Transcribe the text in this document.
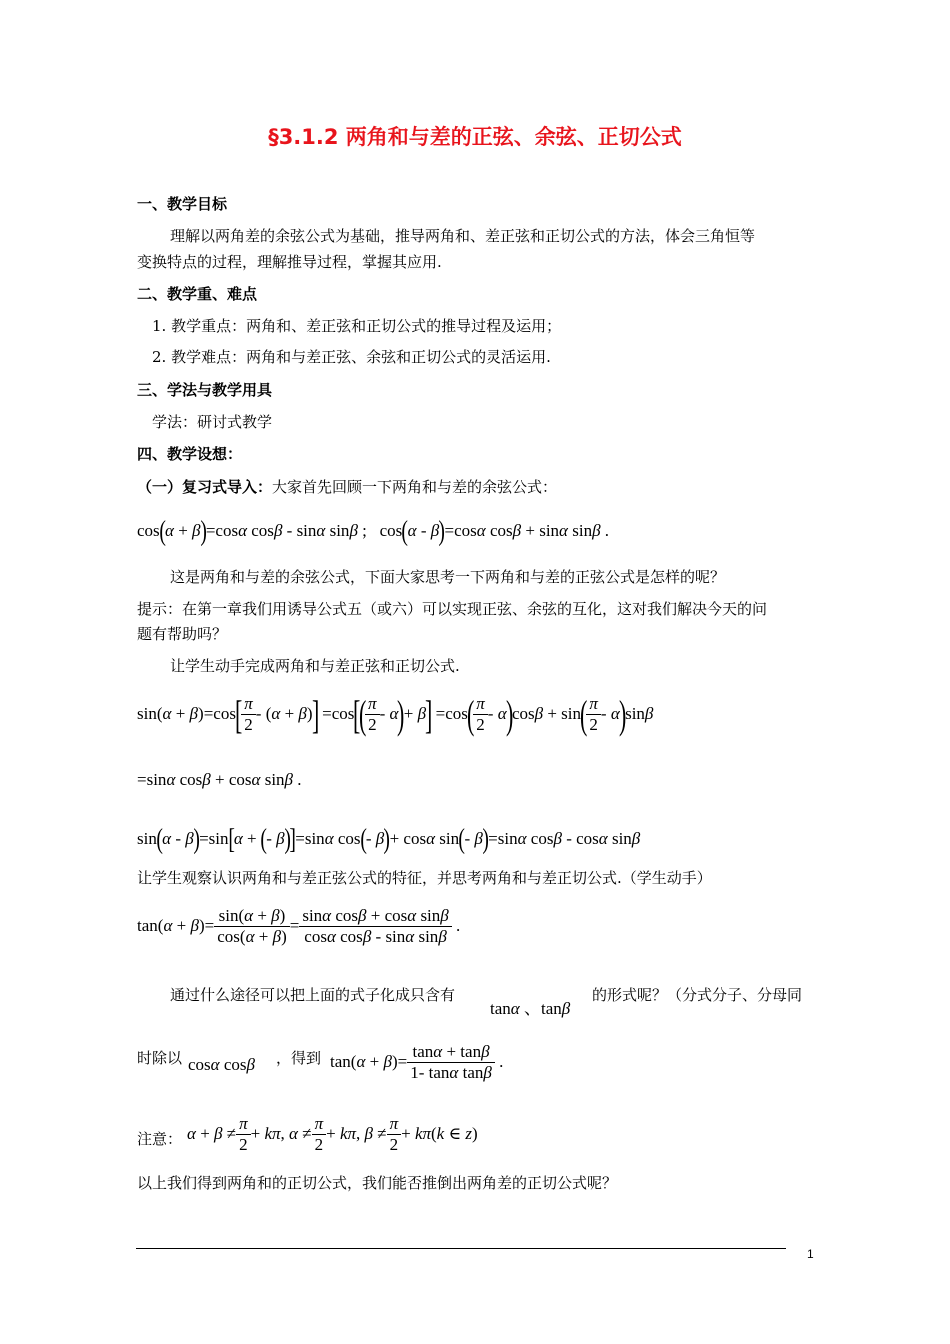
§3.1.2 两角和与差的正弦、余弦、正切公式
一、教学目标
理解以两角差的余弦公式为基础，推导两角和、差正弦和正切公式的方法，体会三角恒等
变换特点的过程，理解推导过程，掌握其应用.
二、教学重、难点
1. 教学重点：两角和、差正弦和正切公式的推导过程及运用；
2. 教学难点：两角和与差正弦、余弦和正切公式的灵活运用.
三、学法与教学用具
学法：研讨式教学
四、教学设想：
（一）复习式导入：大家首先回顾一下两角和与差的余弦公式：
cos(α + β)=cosα cosβ - sinα sinβ ;   cos(α - β)=cosα cosβ + sinα sinβ .
这是两角和与差的余弦公式，下面大家思考一下两角和与差的正弦公式是怎样的呢？
提示：在第一章我们用诱导公式五（或六）可以实现正弦、余弦的互化，这对我们解决今天的问
题有帮助吗？
让学生动手完成两角和与差正弦和正切公式.
sin(α + β)=cos[
$\frac{\pi}{2} - (\alpha + \beta)] =\cos$[(
$\frac{\pi}{2} - \alpha)+ \beta] =\cos$(
$\frac{\pi}{2} - \alpha)\cos\beta + \sin$(
$\frac{\pi}{2} - \alpha)\sin\beta$
=sinα cosβ + cosα sinβ .
sin(α - β)=sin[α + (- β)]=sinα cos(- β)+ cosα sin(- β)=sinα cosβ - cosα sinβ
让学生观察认识两角和与差正弦公式的特征，并思考两角和与差正切公式.（学生动手）
$\tan(\alpha + \beta)= \frac{\sin(\alpha + \beta)}{\cos(\alpha + \beta)} = \frac{\text{sinα cosβ + cosα sinβ}}{\text{cosα cosβ - sinα sinβ}}$ .
通过什么途径可以把上面的式子化成只含有
tanα 、tanβ
的形式呢？（分式分子、分母同
时除以 cosα cosβ ，得到 $\tan(\alpha + \beta)= \frac{\tan\alpha + \tan\beta}{\text{1- tanα tanβ}}$ .
注意： $\alpha + \beta \ne \frac{\pi}{2} + k\pi$, $\alpha \ne \frac{\pi}{2} + k\pi$, $\beta \ne \frac{\pi}{2} + k\pi(k$ ∈ z)
以上我们得到两角和的正切公式，我们能否推倒出两角差的正切公式呢？
1
